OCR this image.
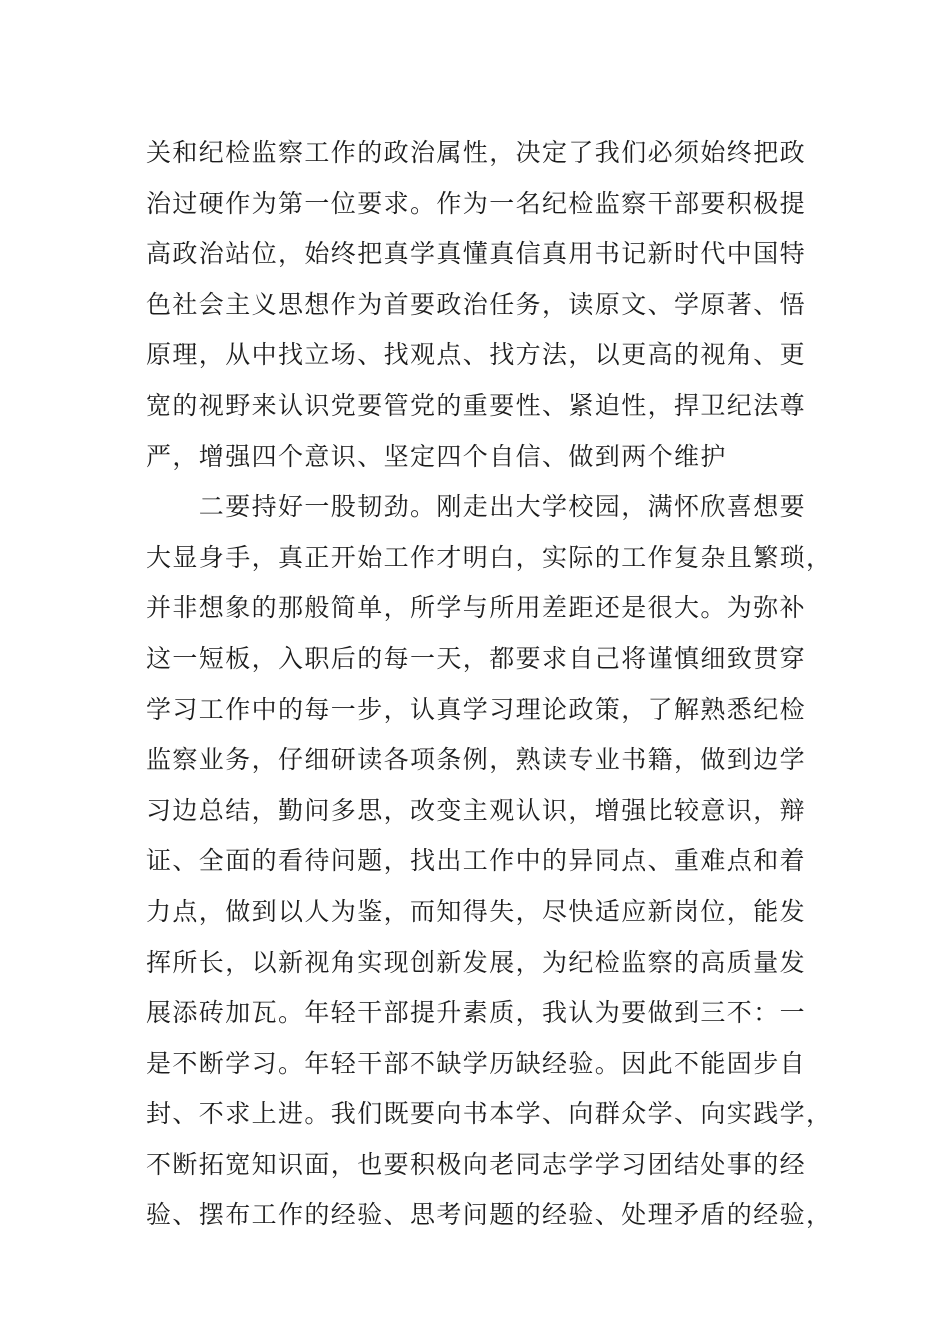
关和纪检监察工作的政治属性，决定了我们必须始终把政
治过硬作为第一位要求。作为一名纪检监察干部要积极提
高政治站位，始终把真学真懂真信真用书记新时代中国特
色社会主义思想作为首要政治任务，读原文、学原著、悟
原理，从中找立场、找观点、找方法，以更高的视角、更
宽的视野来认识党要管党的重要性、紧迫性，捍卫纪法尊
严，增强四个意识、坚定四个自信、做到两个维护
　　二要持好一股韧劲。刚走出大学校园，满怀欣喜想要
大显身手，真正开始工作才明白，实际的工作复杂且繁琐，
并非想象的那般简单，所学与所用差距还是很大。为弥补
这一短板，入职后的每一天，都要求自己将谨慎细致贯穿
学习工作中的每一步，认真学习理论政策，了解熟悉纪检
监察业务，仔细研读各项条例，熟读专业书籍，做到边学
习边总结，勤问多思，改变主观认识，增强比较意识，辩
证、全面的看待问题，找出工作中的异同点、重难点和着
力点，做到以人为鉴，而知得失，尽快适应新岗位，能发
挥所长，以新视角实现创新发展，为纪检监察的高质量发
展添砖加瓦。年轻干部提升素质，我认为要做到三不：一
是不断学习。年轻干部不缺学历缺经验。因此不能固步自
封、不求上进。我们既要向书本学、向群众学、向实践学，
不断拓宽知识面，也要积极向老同志学学习团结处事的经
验、摆布工作的经验、思考问题的经验、处理矛盾的经验，
